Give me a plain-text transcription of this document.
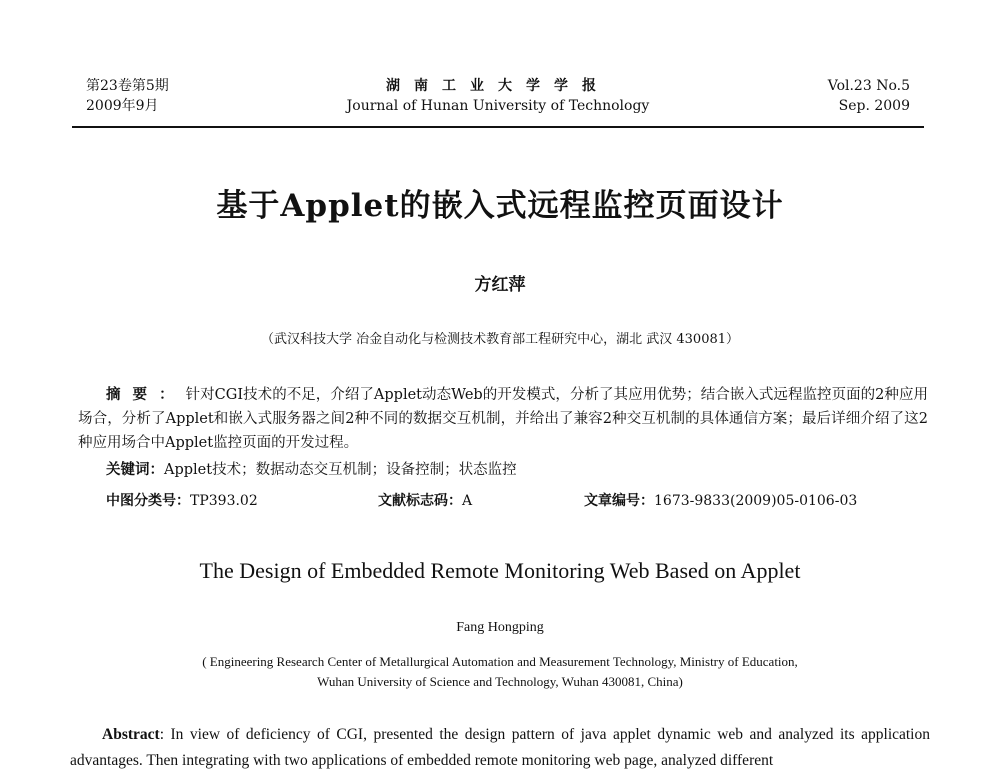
第23卷第5期
2009年9月
湖南工业大学学报
Journal of Hunan University of Technology
Vol.23 No.5
Sep. 2009
基于Applet的嵌入式远程监控页面设计
方红萍
（武汉科技大学 冶金自动化与检测技术教育部工程研究中心，湖北 武汉 430081）
摘要：针对CGI技术的不足，介绍了Applet动态Web的开发模式，分析了其应用优势；结合嵌入式远程监控页面的2种应用场合，分析了Applet和嵌入式服务器之间2种不同的数据交互机制，并给出了兼容2种交互机制的具体通信方案；最后详细介绍了这2种应用场合中Applet监控页面的开发过程。
关键词：Applet技术；数据动态交互机制；设备控制；状态监控
中图分类号：TP393.02	文献标志码：A	文章编号：1673-9833(2009)05-0106-03
The Design of Embedded Remote Monitoring Web Based on Applet
Fang Hongping
( Engineering Research Center of Metallurgical Automation and Measurement Technology, Ministry of Education,
Wuhan University of Science and Technology, Wuhan 430081, China)
Abstract: In view of deficiency of CGI, presented the design pattern of java applet dynamic web and analyzed its application advantages. Then integrating with two applications of embedded remote monitoring web page, analyzed different
